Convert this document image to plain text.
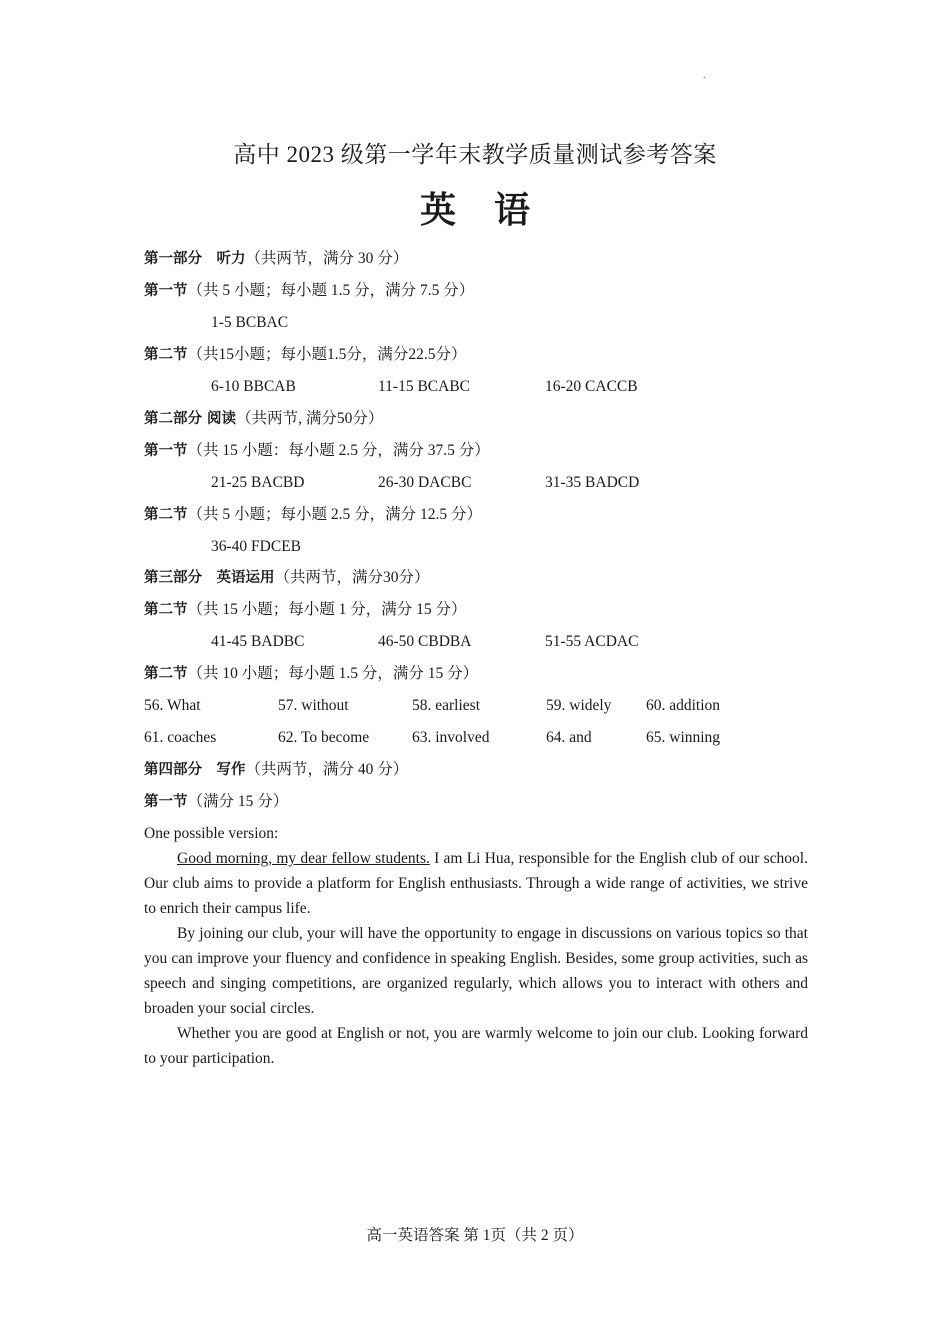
.
高中 2023 级第一学年末教学质量测试参考答案
英语
第一部分　听力（共两节，满分 30 分）
第一节（共 5 小题；每小题 1.5 分，满分 7.5 分）
1-5 BCBAC
第二节（共15小题；每小题1.5分，满分22.5分）
6-10 BBCAB	11-15 BCABC	16-20 CACCB
第二部分 阅读（共两节, 满分50分）
第一节（共 15 小题：每小题 2.5 分，满分 37.5 分）
21-25 BACBD	26-30 DACBC	31-35 BADCD
第二节（共 5 小题；每小题 2.5 分，满分 12.5 分）
36-40 FDCEB
第三部分　英语运用（共两节，满分30分）
第二节（共 15 小题；每小题 1 分，满分 15 分）
41-45 BADBC	46-50 CBDBA	51-55 ACDAC
第二节（共 10 小题；每小题 1.5 分，满分 15 分）
56. What	57. without	58. earliest	59. widely 60. addition
61. coaches	62. To become	63. involved	64. and	65. winning
第四部分　写作（共两节，满分 40 分）
第一节（满分 15 分）
One possible version:

Good morning, my dear fellow students. I am Li Hua, responsible for the English club of our school. Our club aims to provide a platform for English enthusiasts. Through a wide range of activities, we strive to enrich their campus life.

By joining our club, your will have the opportunity to engage in discussions on various topics so that you can improve your fluency and confidence in speaking English. Besides, some group activities, such as speech and singing competitions, are organized regularly, which allows you to interact with others and broaden your social circles.

Whether you are good at English or not, you are warmly welcome to join our club. Looking forward to your participation.

高一英语答案 第 1页（共 2 页）
